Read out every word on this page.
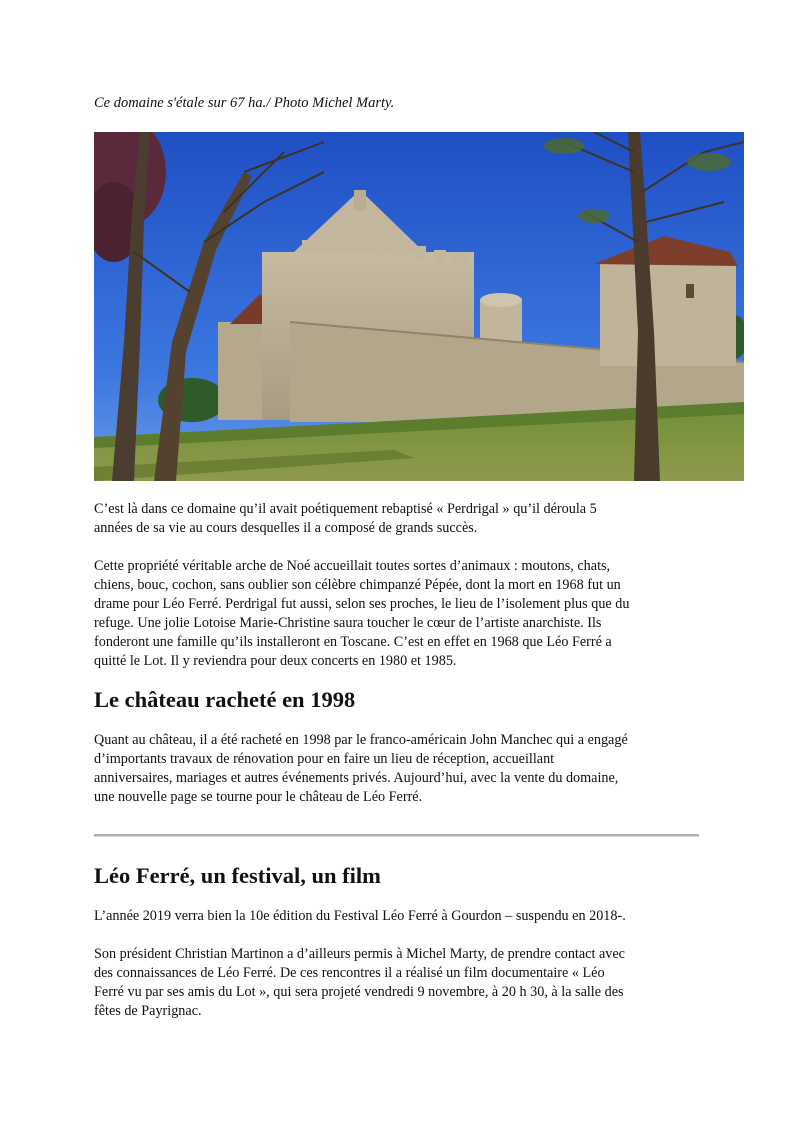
Ce domaine s'étale sur 67 ha./ Photo Michel Marty.
C’est là dans ce domaine qu’il avait poétiquement rebaptisé « Perdrigal » qu’il déroula 5
années de sa vie au cours desquelles il a composé de grands succès.
Cette propriété véritable arche de Noé accueillait toutes sortes d’animaux : moutons, chats,
chiens, bouc, cochon, sans oublier son célèbre chimpanzé Pépée, dont la mort en 1968 fut un
drame pour Léo Ferré. Perdrigal fut aussi, selon ses proches, le lieu de l’isolement plus que du
refuge. Une jolie Lotoise Marie-Christine saura toucher le cœur de l’artiste anarchiste. Ils
fonderont une famille qu’ils installeront en Toscane. C’est en effet en 1968 que Léo Ferré a
quitté le Lot. Il y reviendra pour deux concerts en 1980 et 1985.
Le château racheté en 1998
Quant au château, il a été racheté en 1998 par le franco-américain John Manchec qui a engagé
d’importants travaux de rénovation pour en faire un lieu de réception, accueillant
anniversaires, mariages et autres événements privés. Aujourd’hui, avec la vente du domaine,
une nouvelle page se tourne pour le château de Léo Ferré.
Léo Ferré, un festival, un film
L’année 2019 verra bien la 10e édition du Festival Léo Ferré à Gourdon – suspendu en 2018-.
Son président Christian Martinon a d’ailleurs permis à Michel Marty, de prendre contact avec
des connaissances de Léo Ferré. De ces rencontres il a réalisé un film documentaire « Léo
Ferré vu par ses amis du Lot », qui sera projeté vendredi 9 novembre, à 20 h 30, à la salle des
fêtes de Payrignac.
